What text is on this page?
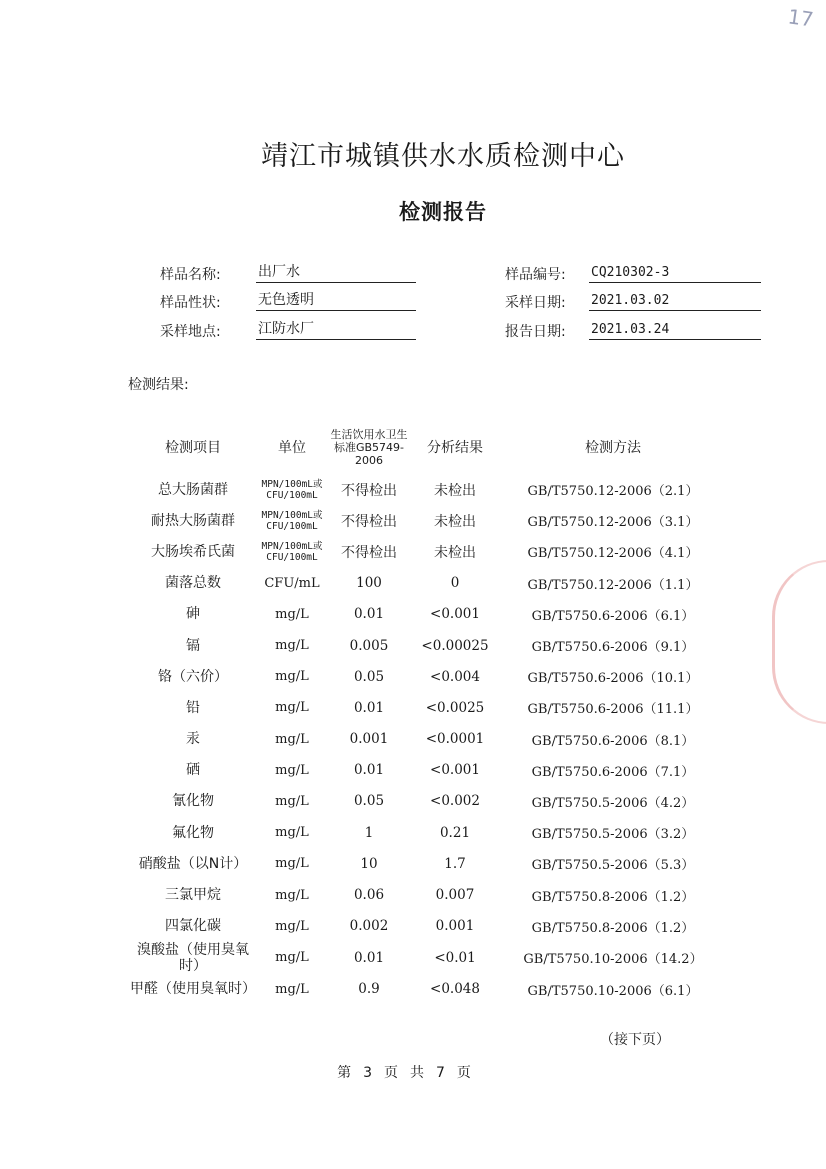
17
靖江市城镇供水水质检测中心
检测报告
样品名称:	出厂水
样品性状:	无色透明
采样地点:	江防水厂
样品编号: CQ210302-3
采样日期: 2021.03.02
报告日期: 2021.03.24
检测结果:
检测项目	单位	生活饮用水卫生标准GB5749-2006	分析结果	检测方法
总大肠菌群	MPN/100mL或CFU/100mL	不得检出	未检出	GB/T5750.12-2006（2.1）
耐热大肠菌群	MPN/100mL或CFU/100mL	不得检出	未检出	GB/T5750.12-2006（3.1）
大肠埃希氏菌	MPN/100mL或CFU/100mL	不得检出	未检出	GB/T5750.12-2006（4.1）
菌落总数	CFU/mL	100	0	GB/T5750.12-2006（1.1）
砷	mg/L	0.01	<0.001	GB/T5750.6-2006（6.1）
镉	mg/L	0.005	<0.00025	GB/T5750.6-2006（9.1）
铬（六价）	mg/L	0.05	<0.004	GB/T5750.6-2006（10.1）
铅	mg/L	0.01	<0.0025	GB/T5750.6-2006（11.1）
汞	mg/L	0.001	<0.0001	GB/T5750.6-2006（8.1）
硒	mg/L	0.01	<0.001	GB/T5750.6-2006（7.1）
氰化物	mg/L	0.05	<0.002	GB/T5750.5-2006（4.2）
氟化物	mg/L	1	0.21	GB/T5750.5-2006（3.2）
硝酸盐（以N计）	mg/L	10	1.7	GB/T5750.5-2006（5.3）
三氯甲烷	mg/L	0.06	0.007	GB/T5750.8-2006（1.2）
四氯化碳	mg/L	0.002	0.001	GB/T5750.8-2006（1.2）
溴酸盐（使用臭氧时）	mg/L	0.01	<0.01	GB/T5750.10-2006（14.2）
甲醛（使用臭氧时）	mg/L	0.9	<0.048	GB/T5750.10-2006（6.1）
（接下页）
第 3 页 共 7 页
